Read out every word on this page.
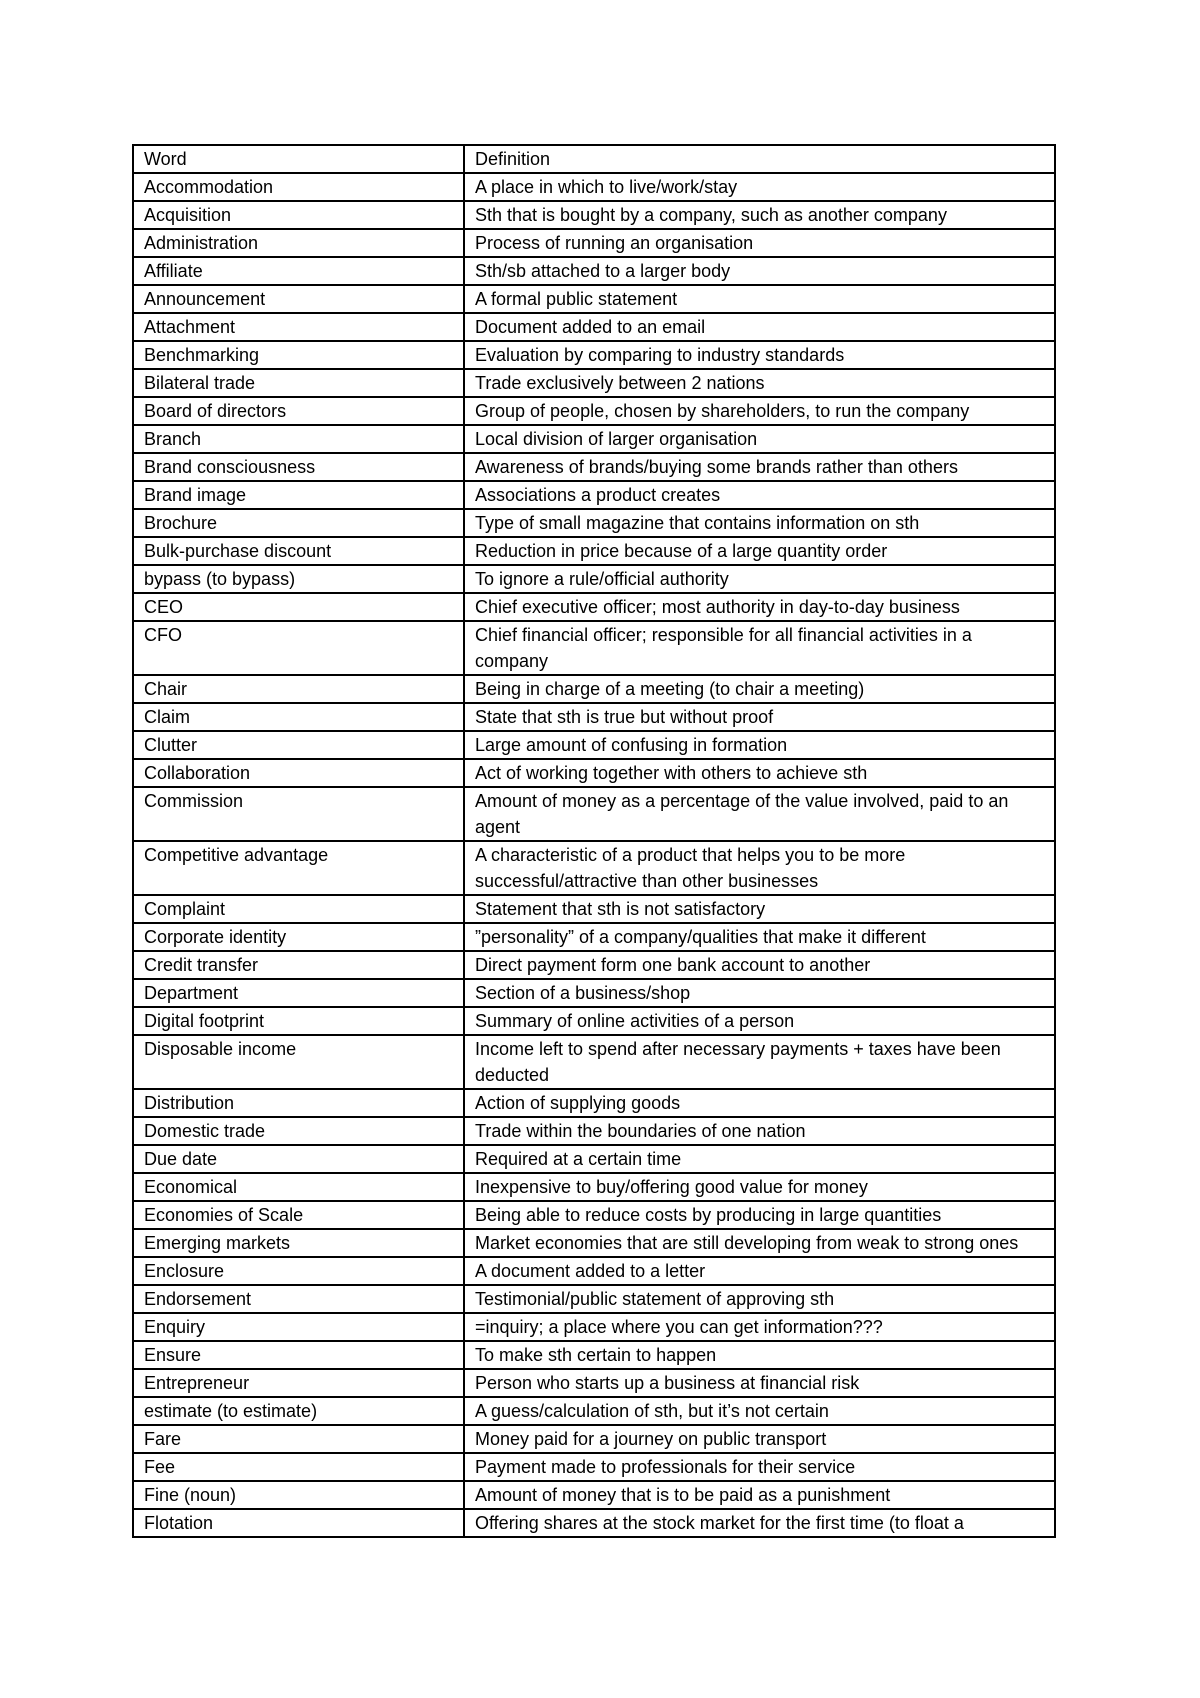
Word	Definition
Accommodation	A place in which to live/work/stay
Acquisition	Sth that is bought by a company, such as another company
Administration	Process of running an organisation
Affiliate	Sth/sb attached to a larger body
Announcement	A formal public statement
Attachment	Document added to an email
Benchmarking	Evaluation by comparing to industry standards
Bilateral trade	Trade exclusively between 2 nations
Board of directors	Group of people, chosen by shareholders, to run the company
Branch	Local division of larger organisation
Brand consciousness	Awareness of brands/buying some brands rather than others
Brand image	Associations a product creates
Brochure	Type of small magazine that contains information on sth
Bulk-purchase discount	Reduction in price because of a large quantity order
bypass (to bypass)	To ignore a rule/official authority
CEO	Chief executive officer; most authority in day-to-day business
CFO	Chief financial officer; responsible for all financial activities in a company
Chair	Being in charge of a meeting (to chair a meeting)
Claim	State that sth is true but without proof
Clutter	Large amount of confusing in formation
Collaboration	Act of working together with others to achieve sth
Commission	Amount of money as a percentage of the value involved, paid to an agent
Competitive advantage	A characteristic of a product that helps you to be more successful/attractive than other businesses
Complaint	Statement that sth is not satisfactory
Corporate identity	”personality” of a company/qualities that make it different
Credit transfer	Direct payment form one bank account to another
Department	Section of a business/shop
Digital footprint	Summary of online activities of a person
Disposable income	Income left to spend after necessary payments + taxes have been deducted
Distribution	Action of supplying goods
Domestic trade	Trade within the boundaries of one nation
Due date	Required at a certain time
Economical	Inexpensive to buy/offering good value for money
Economies of Scale	Being able to reduce costs by producing in large quantities
Emerging markets	Market economies that are still developing from weak to strong ones
Enclosure	A document added to a letter
Endorsement	Testimonial/public statement of approving sth
Enquiry	=inquiry; a place where you can get information???
Ensure	To make sth certain to happen
Entrepreneur	Person who starts up a business at financial risk
estimate (to estimate)	A guess/calculation of sth, but it’s not certain
Fare	Money paid for a journey on public transport
Fee	Payment made to professionals for their service
Fine (noun)	Amount of money that is to be paid as a punishment
Flotation	Offering shares at the stock market for the first time (to float a
